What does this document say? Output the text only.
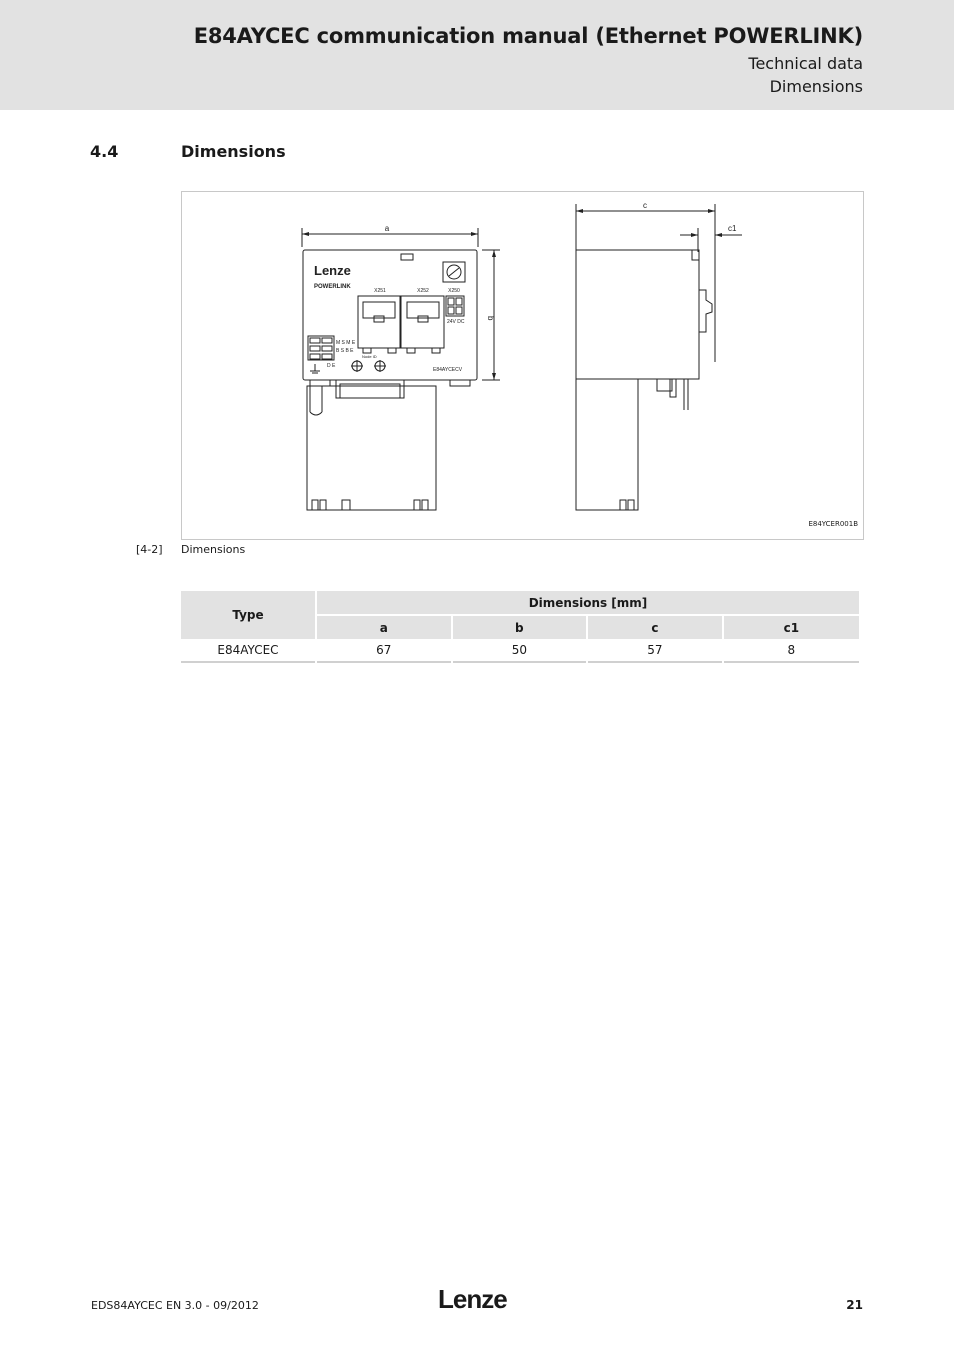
E84AYCEC communication manual (Ethernet POWERLINK)
Technical data
Dimensions
4.4	Dimensions
a
b
Lenze
POWERLINK
X251	X252	X250
24V DC
M S M E
B S B E
D E
Node ID
E84AYCECV
c
c1
E84YCER001B
[4-2] Dimensions
Type	Dimensions [mm]			
	a	b	c	c1
E84AYCEC	67	50	57	8
EDS84AYCEC EN 3.0 - 09/2012	Lenze	21
